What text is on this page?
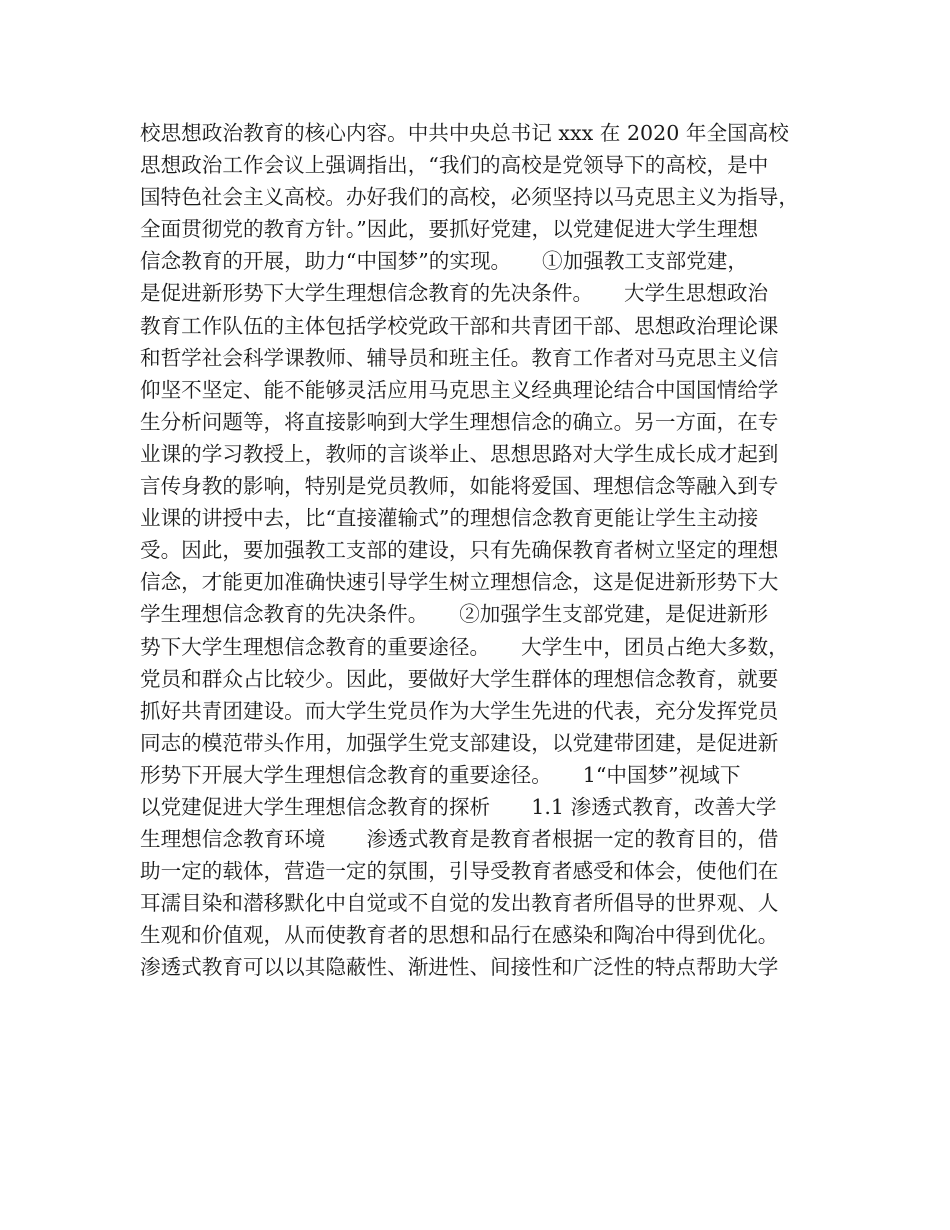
校思想政治教育的核心内容。中共中央总书记 xxx 在 2020 年全国高校
思想政治工作会议上强调指出，“我们的高校是党领导下的高校，是中
国特色社会主义高校。办好我们的高校，必须坚持以马克思主义为指导，
全面贯彻党的教育方针。”因此，要抓好党建，以党建促进大学生理想
信念教育的开展，助力“中国梦”的实现。　　①加强教工支部党建，
是促进新形势下大学生理想信念教育的先决条件。　　大学生思想政治
教育工作队伍的主体包括学校党政干部和共青团干部、思想政治理论课
和哲学社会科学课教师、辅导员和班主任。教育工作者对马克思主义信
仰坚不坚定、能不能够灵活应用马克思主义经典理论结合中国国情给学
生分析问题等，将直接影响到大学生理想信念的确立。另一方面，在专
业课的学习教授上，教师的言谈举止、思想思路对大学生成长成才起到
言传身教的影响，特别是党员教师，如能将爱国、理想信念等融入到专
业课的讲授中去，比“直接灌输式”的理想信念教育更能让学生主动接
受。因此，要加强教工支部的建设，只有先确保教育者树立坚定的理想
信念，才能更加准确快速引导学生树立理想信念，这是促进新形势下大
学生理想信念教育的先决条件。　　②加强学生支部党建，是促进新形
势下大学生理想信念教育的重要途径。　　大学生中，团员占绝大多数，
党员和群众占比较少。因此，要做好大学生群体的理想信念教育，就要
抓好共青团建设。而大学生党员作为大学生先进的代表，充分发挥党员
同志的模范带头作用，加强学生党支部建设，以党建带团建，是促进新
形势下开展大学生理想信念教育的重要途径。　　1“中国梦”视域下
以党建促进大学生理想信念教育的探析　　1.1 渗透式教育，改善大学
生理想信念教育环境　　渗透式教育是教育者根据一定的教育目的，借
助一定的载体，营造一定的氛围，引导受教育者感受和体会，使他们在
耳濡目染和潜移默化中自觉或不自觉的发出教育者所倡导的世界观、人
生观和价值观，从而使教育者的思想和品行在感染和陶冶中得到优化。
渗透式教育可以以其隐蔽性、渐进性、间接性和广泛性的特点帮助大学
